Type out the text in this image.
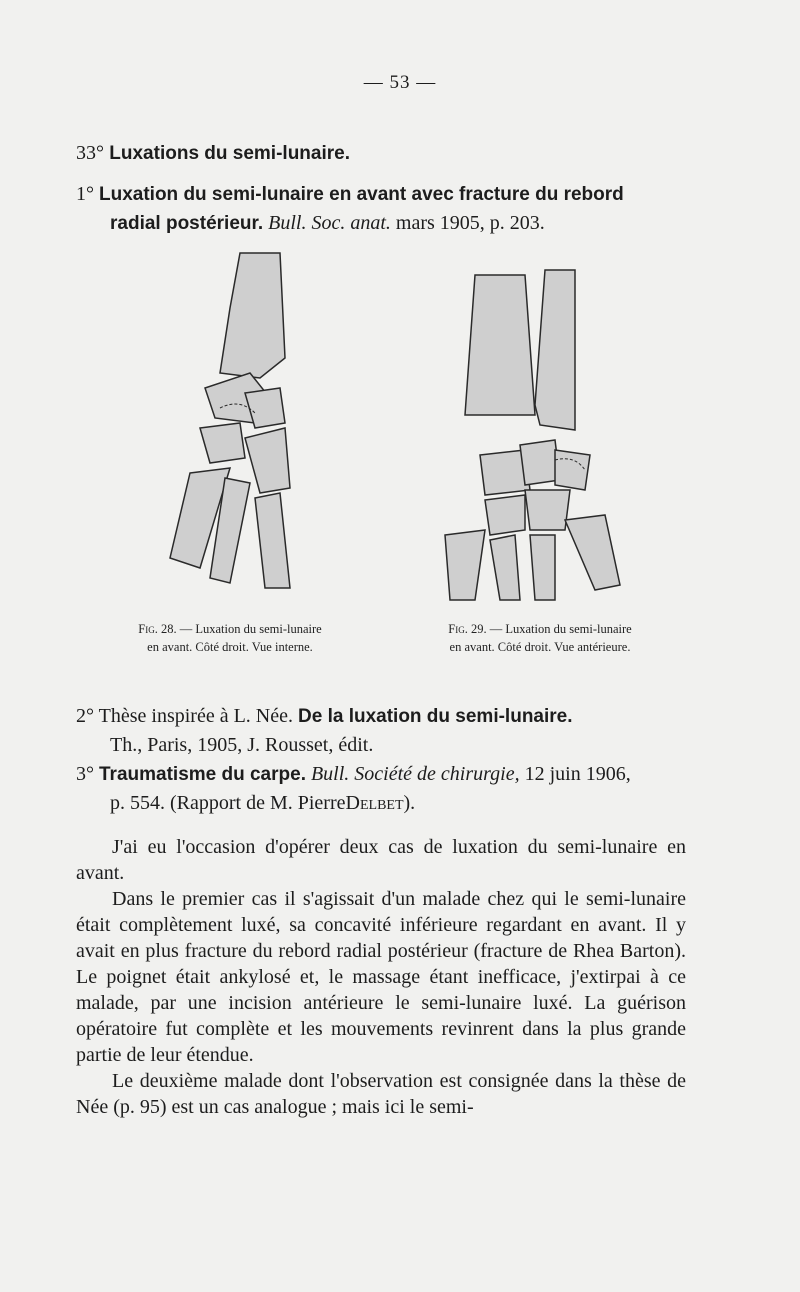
— 53 —
33° Luxations du semi-lunaire.
1° Luxation du semi-lunaire en avant avec fracture du rebord
radial postérieur. Bull. Soc. anat. mars 1905, p. 203.
Fig. 28. — Luxation du semi-lunaire
en avant. Côté droit. Vue interne.
Fig. 29. — Luxation du semi-lunaire
en avant. Côté droit. Vue antérieure.
2° Thèse inspirée à L. Née. De la luxation du semi-lunaire.
Th., Paris, 1905, J. Rousset, édit.
3° Traumatisme du carpe. Bull. Société de chirurgie, 12 juin 1906,
p. 554. (Rapport de M. PierreDelbet).

J'ai eu l'occasion d'opérer deux cas de luxation du semi-lunaire en avant.

Dans le premier cas il s'agissait d'un malade chez qui le semi-lunaire était complètement luxé, sa concavité inférieure regardant en avant. Il y avait en plus fracture du rebord radial postérieur (fracture de Rhea Barton). Le poignet était ankylosé et, le massage étant inefficace, j'extirpai à ce malade, par une incision antérieure le semi-lunaire luxé. La guérison opératoire fut complète et les mouvements revinrent dans la plus grande partie de leur étendue.

Le deuxième malade dont l'observation est consignée dans la thèse de Née (p. 95) est un cas analogue ; mais ici le semi-
